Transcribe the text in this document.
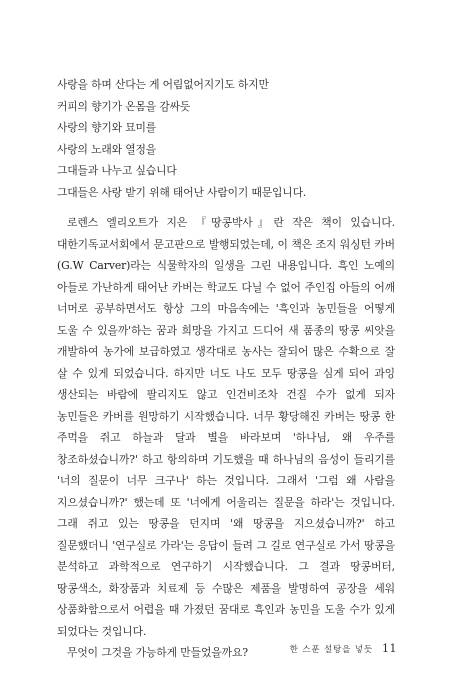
사랑을 하며 산다는 게 어림없어지기도 하지만
커피의 향기가 온몸을 감싸듯
사랑의 향기와 묘미를
사랑의 노래와 열정을
그대들과 나누고 싶습니다
그대들은 사랑 받기 위해 태어난 사람이기 때문입니다.

로렌스 엘리오트가 지은 『땅콩박사』란 작은 책이 있습니다. 대한기독교서회에서 문고판으로 발행되었는데, 이 책은 조지 워싱턴 카버(G.W Carver)라는 식물학자의 일생을 그린 내용입니다. 흑인 노예의 아들로 가난하게 태어난 카버는 학교도 다닐 수 없어 주인집 아들의 어깨 너머로 공부하면서도 항상 그의 마음속에는 '흑인과 농민들을 어떻게 도울 수 있을까'하는 꿈과 희망을 가지고 드디어 새 품종의 땅콩 씨앗을 개발하여 농가에 보급하였고 생각대로 농사는 잘되어 많은 수확으로 잘 살 수 있게 되었습니다. 하지만 너도 나도 모두 땅콩을 심게 되어 과잉 생산되는 바람에 팔리지도 않고 인건비조차 건질 수가 없게 되자 농민들은 카버를 원망하기 시작했습니다. 너무 황당해진 카버는 땅콩 한 주먹을 쥐고 하늘과 달과 별을 바라보며 '하나님, 왜 우주를 창조하셨습니까?' 하고 항의하며 기도했을 때 하나님의 음성이 들리기를 '너의 질문이 너무 크구나' 하는 것입니다. 그래서 '그럼 왜 사람을 지으셨습니까?' 했는데 또 '너에게 어울리는 질문을 하라'는 것입니다. 그래 쥐고 있는 땅콩을 던지며 '왜 땅콩을 지으셨습니까?' 하고 질문했더니 '연구실로 가라'는 응답이 들려 그 길로 연구실로 가서 땅콩을 분석하고 과학적으로 연구하기 시작했습니다. 그 결과 땅콩버터, 땅콩색소, 화장품과 치료제 등 수많은 제품을 발명하여 공장을 세워 상품화함으로서 어렵을 때 가졌던 꿈대로 흑인과 농민을 도울 수가 있게 되었다는 것입니다.

무엇이 그것을 가능하게 만들었을까요?	한 스푼 설탕을 넣듯 11
